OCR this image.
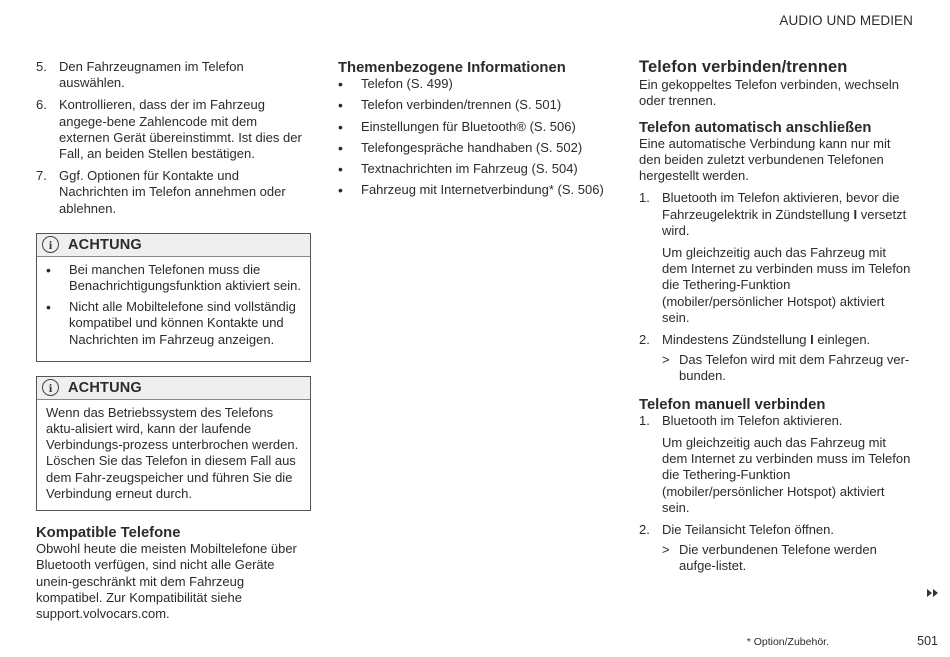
AUDIO UND MEDIEN
5. Den Fahrzeugnamen im Telefon auswählen.
6. Kontrollieren, dass der im Fahrzeug angege-bene Zahlencode mit dem externen Gerät übereinstimmt. Ist dies der Fall, an beiden Stellen bestätigen.
7. Ggf. Optionen für Kontakte und Nachrichten im Telefon annehmen oder ablehnen.
i	ACHTUNG
• Bei manchen Telefonen muss die Benachrichtigungsfunktion aktiviert sein.
• Nicht alle Mobiltelefone sind vollständig kompatibel und können Kontakte und Nachrichten im Fahrzeug anzeigen.
i	ACHTUNG

Wenn das Betriebssystem des Telefons aktu-alisiert wird, kann der laufende Verbindungs-prozess unterbrochen werden. Löschen Sie das Telefon in diesem Fall aus dem Fahr-zeugspeicher und führen Sie die Verbindung erneut durch.

Kompatible Telefone

Obwohl heute die meisten Mobiltelefone über Bluetooth verfügen, sind nicht alle Geräte unein-geschränkt mit dem Fahrzeug kompatibel. Zur Kompatibilität siehe support.volvocars.com.

Themenbezogene Informationen
• Telefon (S. 499)
• Telefon verbinden/trennen (S. 501)
• Einstellungen für Bluetooth® (S. 506)
• Telefongespräche handhaben (S. 502)
• Textnachrichten im Fahrzeug (S. 504)
• Fahrzeug mit Internetverbindung* (S. 506)
Telefon verbinden/trennen

Ein gekoppeltes Telefon verbinden, wechseln oder trennen.

Telefon automatisch anschließen

Eine automatische Verbindung kann nur mit den beiden zuletzt verbundenen Telefonen hergestellt werden.

1. Bluetooth im Telefon aktivieren, bevor die Fahrzeugelektrik in Zündstellung I versetzt wird.
Um gleichzeitig auch das Fahrzeug mit dem Internet zu verbinden muss im Telefon die Tethering-Funktion (mobiler/persönlicher Hotspot) aktiviert sein.
2. Mindestens Zündstellung I einlegen.
> Das Telefon wird mit dem Fahrzeug ver-bunden.
Telefon manuell verbinden
1. Bluetooth im Telefon aktivieren.
Um gleichzeitig auch das Fahrzeug mit dem Internet zu verbinden muss im Telefon die Tethering-Funktion (mobiler/persönlicher Hotspot) aktiviert sein.
2. Die Teilansicht Telefon öffnen.
> Die verbundenen Telefone werden aufge-listet.
* Option/Zubehör.	501
